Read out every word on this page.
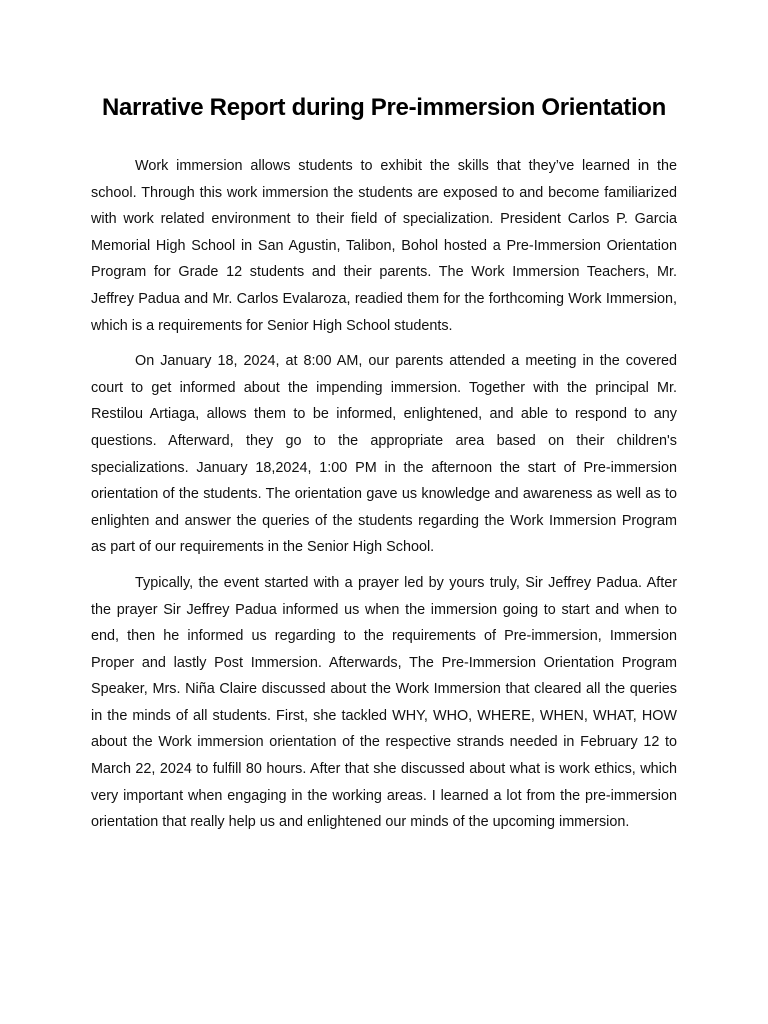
Narrative Report during Pre-immersion Orientation

Work immersion allows students to exhibit the skills that they’ve learned in the school. Through this work immersion the students are exposed to and become familiarized with work related environment to their field of specialization. President Carlos P. Garcia Memorial High School in San Agustin, Talibon, Bohol hosted a Pre-Immersion Orientation Program for Grade 12 students and their parents. The Work Immersion Teachers, Mr. Jeffrey Padua and Mr. Carlos Evalaroza, readied them for the forthcoming Work Immersion, which is a requirements for Senior High School students.

On January 18, 2024, at 8:00 AM, our parents attended a meeting in the covered court to get informed about the impending immersion. Together with the principal Mr. Restilou Artiaga, allows them to be informed, enlightened, and able to respond to any questions. Afterward, they go to the appropriate area based on their children's specializations. January 18,2024, 1:00 PM in the afternoon the start of Pre-immersion orientation of the students. The orientation gave us knowledge and awareness as well as to enlighten and answer the queries of the students regarding the Work Immersion Program as part of our requirements in the Senior High School.

Typically, the event started with a prayer led by yours truly, Sir Jeffrey Padua. After the prayer Sir Jeffrey Padua informed us when the immersion going to start and when to end, then he informed us regarding to the requirements of Pre-immersion, Immersion Proper and lastly Post Immersion. Afterwards, The Pre-Immersion Orientation Program Speaker, Mrs. Niña Claire discussed about the Work Immersion that cleared all the queries in the minds of all students. First, she tackled WHY, WHO, WHERE, WHEN, WHAT, HOW about the Work immersion orientation of the respective strands needed in February 12 to March 22, 2024 to fulfill 80 hours. After that she discussed about what is work ethics, which very important when engaging in the working areas. I learned a lot from the pre-immersion orientation that really help us and enlightened our minds of the upcoming immersion.
